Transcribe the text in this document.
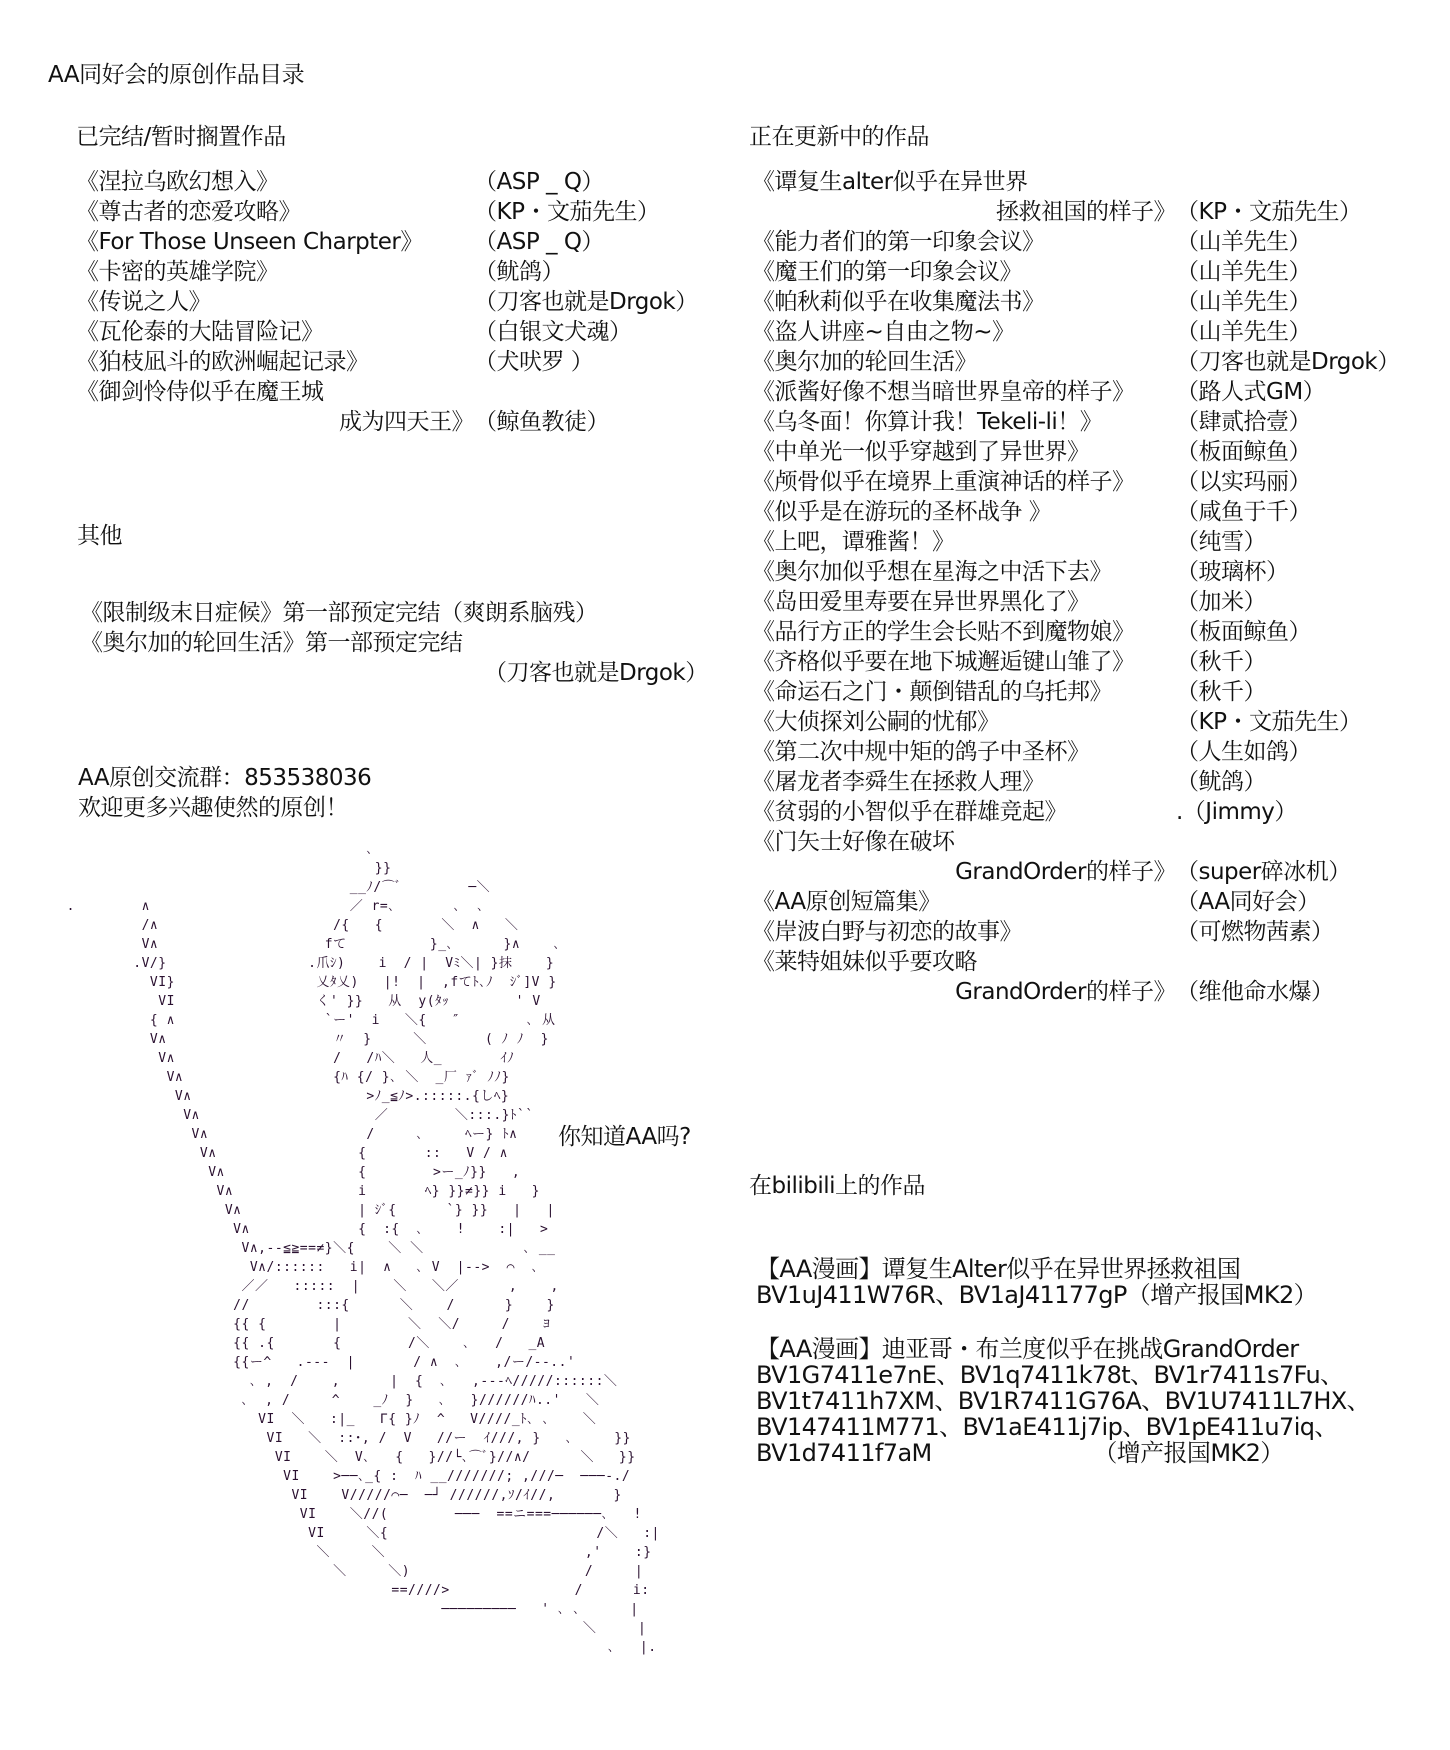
AA同好会的原创作品目录
已完结/暂时搁置作品
《涅拉乌欧幻想入》	（ASP _ Q）
《尊古者的恋爱攻略》	（KP・文茄先生）
《For Those Unseen Charpter》 （ASP _ Q）
《卡密的英雄学院》	（鱿鸽）
《传说之人》	（刀客也就是Drgok）
《瓦伦泰的大陆冒险记》	（白银文犬魂）
《狛枝凪斗的欧洲崛起记录》	（犬吠罗 ）
《御剑怜侍似乎在魔王城
成为四天王》 （鲸鱼教徒）
其他
《限制级末日症候》第一部预定完结（爽朗系脑残）
《奥尔加的轮回生活》第一部预定完结
（刀客也就是Drgok）
AA原创交流群：853538036
欢迎更多兴趣使然的原创！
､
}}
__ﾉ/⌒ﾞ        ─＼
.        ∧                        ／ r=､       ､  ､
/∧                     /{   {       ＼  ∧   ＼
V∧                    fて          }_､      }∧    ､
.V/}                 .爪ｼ)    i  / |  Vﾐ＼| }抹    }
VI}                 乂ﾀ乂)   |!  |  ,fてﾄ､ﾉ  ｼﾞ]V }
VI                 く' }}   从  y(ﾀｯ        ' V
{ ∧                  `ー'  i   ＼{   ″        ､ 从
V∧                    〃  }     ＼       ( ﾉ ﾉ  }
V∧                   /   /ﾊ＼   人_       ｲﾉ
V∧                  {ﾊ {/ }､ ＼  _厂 ｧﾞ ﾉﾉ}
V∧                     >ﾉ_≦ﾉ>.:::::.{しﾍ}
V∧                     ／        ＼:::.}ﾄ``
V∧                   /     ､     ﾍー} ﾄ∧
V∧                 {       ::   V / ∧
V∧                {        >ー_ﾉ}}   ,
V∧               i       ﾍ} }}≠}} i   }
V∧              | ｼﾞ{      `} }}   |   |
V∧             {  :{  ､    !    :|   >
V∧,--≦≧==≠}＼{    ＼ ＼            ､ __
V∧/::::::   i|  ∧   ､ V  |-->  ⌒  ､
／／   :::::  |    ＼   ＼／      ,    ,
//        :::{      ＼    /      }    }
{{ {        |        ＼  ＼/     /    ﾖ
{{ .{       {        /＼    ､   /   _A
{{ー^   .---  |       / ∧  ､    ,/ー/--..'
､ ,  /    ,      |  {  ､   ,---ﾍ/////::::::＼
､  , /     ^    _ﾉ  }   ､   }//////ﾊ..'   ＼
VI  ＼   :|_   Γ{ }ﾉ  ^   V////_ﾄ､ ､    ＼
VI   ＼  ::･, /  V   //ー  ｲ///, }   ､     }}
VI    ＼  V､   {   }//└､⌒ﾞ}//∧/      ＼   }}
VI    >──､_{ :  ﾊ __///////; ,///─  ───-./
VI    V/////⌒─  ─┘ //////,ｿ/ｲ//,       }
VI    ＼//(        ───  ==ニ===──────､   !
VI     ＼{                         /＼   :|
＼     ＼                        ,'    :}
＼     ＼)                     /     |
==////>               /      i:
─────────   ' ､ ､      |
＼     |
､   |.
你知道AA吗?
正在更新中的作品
《谭复生alter似乎在异世界
拯救祖国的样子》 （KP・文茄先生）
《能力者们的第一印象会议》	（山羊先生）
《魔王们的第一印象会议》	（山羊先生）
《帕秋莉似乎在收集魔法书》	（山羊先生）
《盗人讲座~自由之物~》	（山羊先生）
《奥尔加的轮回生活》	（刀客也就是Drgok）
《派酱好像不想当暗世界皇帝的样子》 （路人式GM）
《乌冬面！你算计我！Tekeli-li！》	（肆贰拾壹）
《中单光一似乎穿越到了异世界》	（板面鲸鱼）
《颅骨似乎在境界上重演神话的样子》 （以实玛丽）
《似乎是在游玩的圣杯战争 》	（咸鱼于千）
《上吧，谭雅酱！》	（纯雪）
《奥尔加似乎想在星海之中活下去》	（玻璃杯）
《岛田爱里寿要在异世界黑化了》	（加米）
《品行方正的学生会长贴不到魔物娘》 （板面鲸鱼）
《齐格似乎要在地下城邂逅键山雏了》 （秋千）
《命运石之门・颠倒错乱的乌托邦》	（秋千）
《大侦探刘公嗣的忧郁》	（KP・文茄先生）
《第二次中规中矩的鸽子中圣杯》	（人生如鸽）
《屠龙者李舜生在拯救人理》	（鱿鸽）
《贫弱的小智似乎在群雄竞起》	.（Jimmy）
《门矢士好像在破坏
GrandOrder的样子》 （super碎冰机）
《AA原创短篇集》	（AA同好会）
《岸波白野与初恋的故事》	（可燃物茜素）
《莱特姐妹似乎要攻略
GrandOrder的样子》 （维他命水爆）
在bilibili上的作品
【AA漫画】谭复生Alter似乎在异世界拯救祖国
BV1uJ411W76R、BV1aJ41177gP（增产报国MK2）
【AA漫画】迪亚哥・布兰度似乎在挑战GrandOrder
BV1G7411e7nE、BV1q7411k78t、BV1r7411s7Fu、
BV1t7411h7XM、BV1R7411G76A、BV1U7411L7HX、
BV147411M771、BV1aE411j7ip、BV1pE411u7iq、
BV1d7411f7aM                       （增产报国MK2）
